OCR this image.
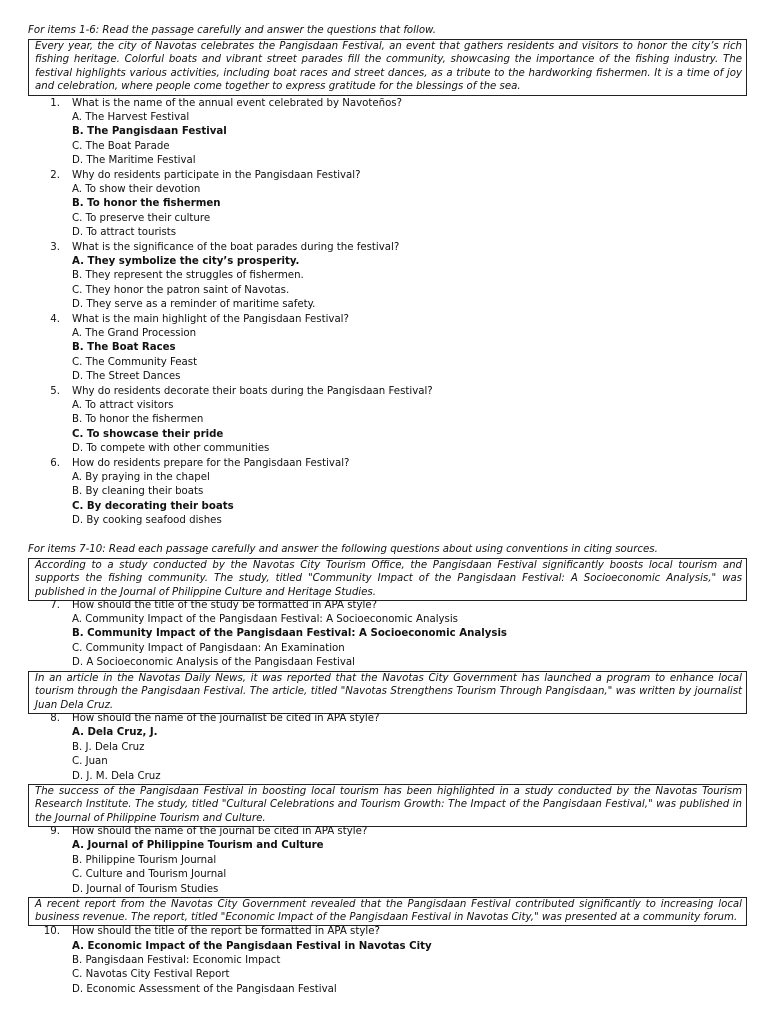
For items 1-6: Read the passage carefully and answer the questions that follow.
Every year, the city of Navotas celebrates the Pangisdaan Festival, an event that gathers residents and visitors to honor the city’s rich fishing heritage. Colorful boats and vibrant street parades fill the community, showcasing the importance of the fishing industry. The festival highlights various activities, including boat races and street dances, as a tribute to the hardworking fishermen. It is a time of joy and celebration, where people come together to express gratitude for the blessings of the sea.
1. What is the name of the annual event celebrated by Navoteños?
A. The Harvest Festival
B. The Pangisdaan Festival
C. The Boat Parade
D. The Maritime Festival
2. Why do residents participate in the Pangisdaan Festival?
A. To show their devotion
B. To honor the fishermen
C. To preserve their culture
D. To attract tourists
3. What is the significance of the boat parades during the festival?
A. They symbolize the city’s prosperity.
B. They represent the struggles of fishermen.
C. They honor the patron saint of Navotas.
D. They serve as a reminder of maritime safety.
4. What is the main highlight of the Pangisdaan Festival?
A. The Grand Procession
B. The Boat Races
C. The Community Feast
D. The Street Dances
5. Why do residents decorate their boats during the Pangisdaan Festival?
A. To attract visitors
B. To honor the fishermen
C. To showcase their pride
D. To compete with other communities
6. How do residents prepare for the Pangisdaan Festival?
A. By praying in the chapel
B. By cleaning their boats
C. By decorating their boats
D. By cooking seafood dishes
For items 7-10: Read each passage carefully and answer the following questions about using conventions in citing sources.
According to a study conducted by the Navotas City Tourism Office, the Pangisdaan Festival significantly boosts local tourism and supports the fishing community. The study, titled "Community Impact of the Pangisdaan Festival: A Socioeconomic Analysis," was published in the Journal of Philippine Culture and Heritage Studies.
7. How should the title of the study be formatted in APA style?
A. Community Impact of the Pangisdaan Festival: A Socioeconomic Analysis
B. Community Impact of the Pangisdaan Festival: A Socioeconomic Analysis
C. Community Impact of Pangisdaan: An Examination
D. A Socioeconomic Analysis of the Pangisdaan Festival
In an article in the Navotas Daily News, it was reported that the Navotas City Government has launched a program to enhance local tourism through the Pangisdaan Festival. The article, titled "Navotas Strengthens Tourism Through Pangisdaan," was written by journalist Juan Dela Cruz.
8. How should the name of the journalist be cited in APA style?
A. Dela Cruz, J.
B. J. Dela Cruz
C. Juan
D. J. M. Dela Cruz
The success of the Pangisdaan Festival in boosting local tourism has been highlighted in a study conducted by the Navotas Tourism Research Institute. The study, titled "Cultural Celebrations and Tourism Growth: The Impact of the Pangisdaan Festival," was published in the Journal of Philippine Tourism and Culture.
9. How should the name of the journal be cited in APA style?
A. Journal of Philippine Tourism and Culture
B. Philippine Tourism Journal
C. Culture and Tourism Journal
D. Journal of Tourism Studies
A recent report from the Navotas City Government revealed that the Pangisdaan Festival contributed significantly to increasing local business revenue. The report, titled "Economic Impact of the Pangisdaan Festival in Navotas City," was presented at a community forum.
10. How should the title of the report be formatted in APA style?
A. Economic Impact of the Pangisdaan Festival in Navotas City
B. Pangisdaan Festival: Economic Impact
C. Navotas City Festival Report
D. Economic Assessment of the Pangisdaan Festival
